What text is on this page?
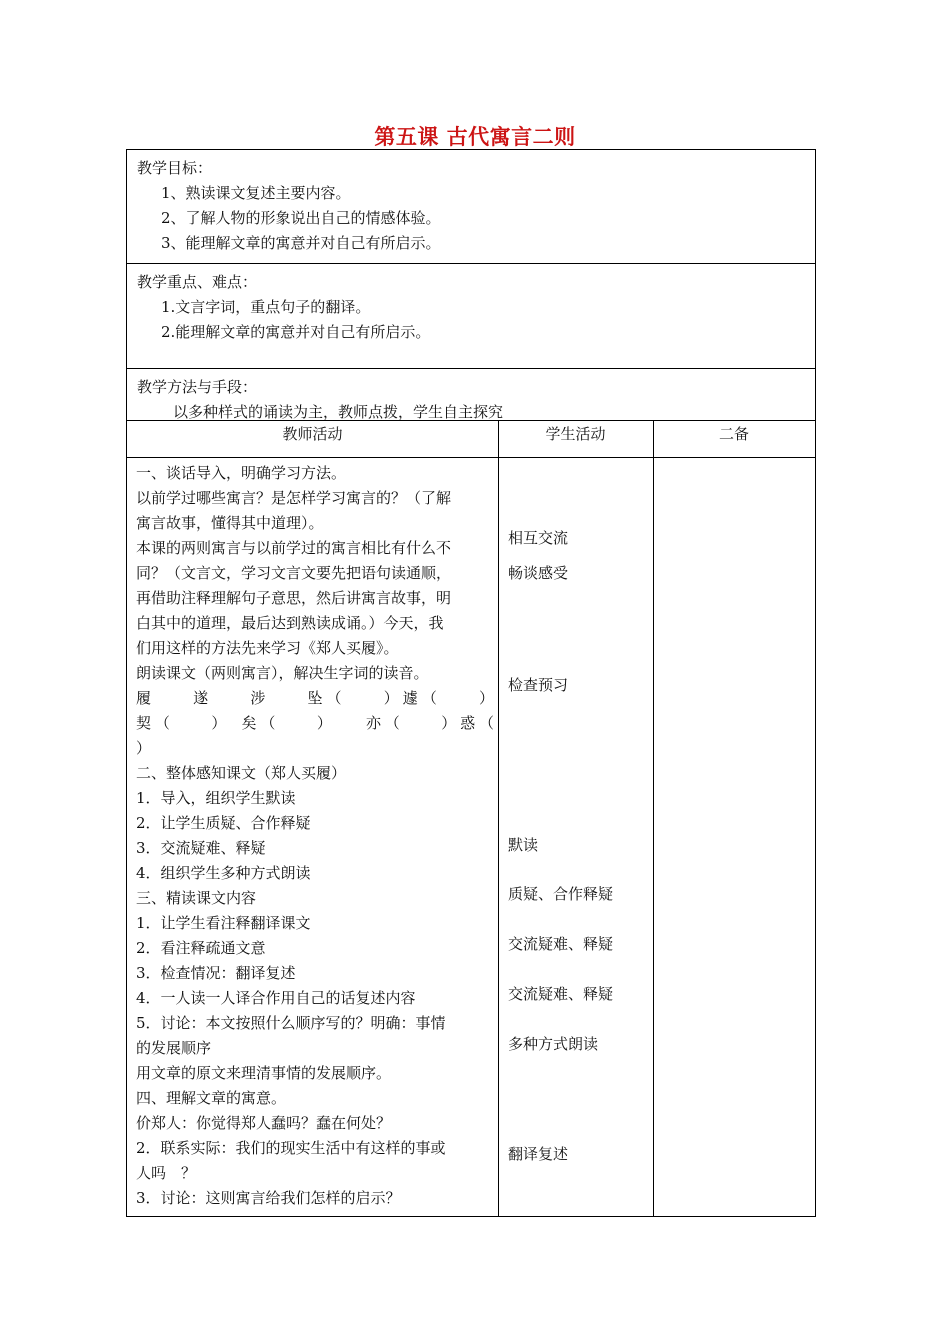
第五课 古代寓言二则
教学目标：
1、熟读课文复述主要内容。
2、了解人物的形象说出自己的情感体验。
3、能理解文章的寓意并对自己有所启示。
教学重点、难点：
1.文言字词，重点句子的翻译。
2.能理解文章的寓意并对自己有所启示。
教学方法与手段：
以多种样式的诵读为主，教师点拨，学生自主探究
教师活动	学生活动	二备
一、谈话导入，明确学习方法。
以前学过哪些寓言？是怎样学习寓言的？（了解
寓言故事，懂得其中道理）。
本课的两则寓言与以前学过的寓言相比有什么不
同？（文言文，学习文言文要先把语句读通顺，
再借助注释理解句子意思，然后讲寓言故事，明
白其中的道理，最后达到熟读成诵。）今天，我
们用这样的方法先来学习《郑人买履》。
朗读课文（两则寓言），解决生字词的读音。
履　　遂　　涉　　坠（　　）遽（　　）
契（　　）　矣（　　）　　亦（　　）惑（
）
二、整体感知课文（郑人买履）
1．导入，组织学生默读
2．让学生质疑、合作释疑
3．交流疑难、释疑
4．组织学生多种方式朗读
三、精读课文内容
1．让学生看注释翻译课文
2．看注释疏通文意
3．检查情况：翻译复述
4．一人读一人译合作用自己的话复述内容
5．讨论：本文按照什么顺序写的？明确：事情
的发展顺序
用文章的原文来理清事情的发展顺序。
四、理解文章的寓意。
价郑人：你觉得郑人蠢吗？蠢在何处？
2．联系实际：我们的现实生活中有这样的事或
人吗　？
3．讨论：这则寓言给我们怎样的启示？
相互交流
畅谈感受
检查预习
默读
质疑、合作释疑
交流疑难、释疑
交流疑难、释疑
多种方式朗读
翻译复述
